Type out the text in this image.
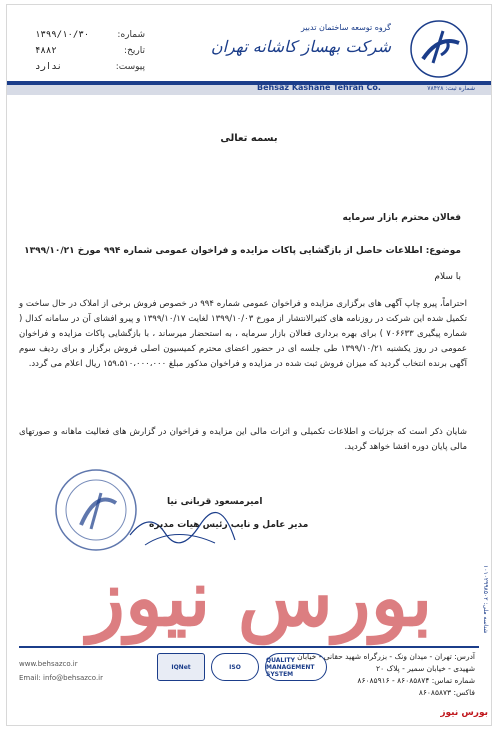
شماره:
۱۳۹۹/۱۰/۳۰
تاریخ:
۴۸۸۲
پیوست:
ندارد
گروه توسعه ساختمان تدبیر
شرکت بهساز کاشانه تهران
Behsaz Kashane Tehran Co.	شماره ثبت: ۷۸۴۲۸
بسمه تعالی
فعالان محترم بازار سرمایه
موضوع: اطلاعات حاصل از بازگشایی پاکات مزایده و فراخوان عمومی شماره ۹۹۴ مورخ ۱۳۹۹/۱۰/۲۱
با سلام
احتراماً، پیرو چاپ آگهی های برگزاری مزایده و فراخوان عمومی شماره ۹۹۴ در خصوص فروش برخی از املاک در حال ساخت و تکمیل شده این شرکت در روزنامه های کثیرالانتشار از مورخ ۱۳۹۹/۱۰/۰۳ لغایت ۱۳۹۹/۱۰/۱۷ و پیرو افشای آن در سامانه کدال ( شماره پیگیری ۷۰۶۶۳۳ ) برای بهره برداری فعالان بازار سرمایه ، به استحضار میرساند ، با بازگشایی پاکات مزایده و فراخوان عمومی در روز یکشنبه ۱۳۹۹/۱۰/۲۱ طی جلسه ای در حضور اعضای محترم کمیسیون اصلی فروش برگزار و برای ردیف سوم آگهی برنده انتخاب گردید که میزان فروش ثبت شده در مزایده و فراخوان مذکور مبلغ ۱۵۹،۵۱۰،۰۰۰،۰۰۰ ریال اعلام می گردد.
شایان ذکر است که جزئیات و اطلاعات تکمیلی و اثرات مالی این مزایده و فراخوان در گزارش های فعالیت ماهانه و صورتهای مالی پایان دوره افشا خواهد گردید.
امیرمسعود قربانی نیا
مدیر عامل و نایب رئیس هیات مدیره
بورس نیوز	شناسه ملی: ۱۰۱۰۲۹۹۸۵۰۲
www.behsazco.ir
Email: info@behsazco.ir
IQNet	ISO
QUALITY MANAGEMENT SYSTEM
آدرس: تهران - میدان ونک - بزرگراه شهید حقانی - خیابان شهیدی - خیابان سمیر - پلاک ۲۰
شماره تماس: ۸۶۰۸۵۸۷۴ - ۸۶۰۸۵۹۱۶
فاکس: ۸۶۰۸۵۸۷۳
بورس نیوز
